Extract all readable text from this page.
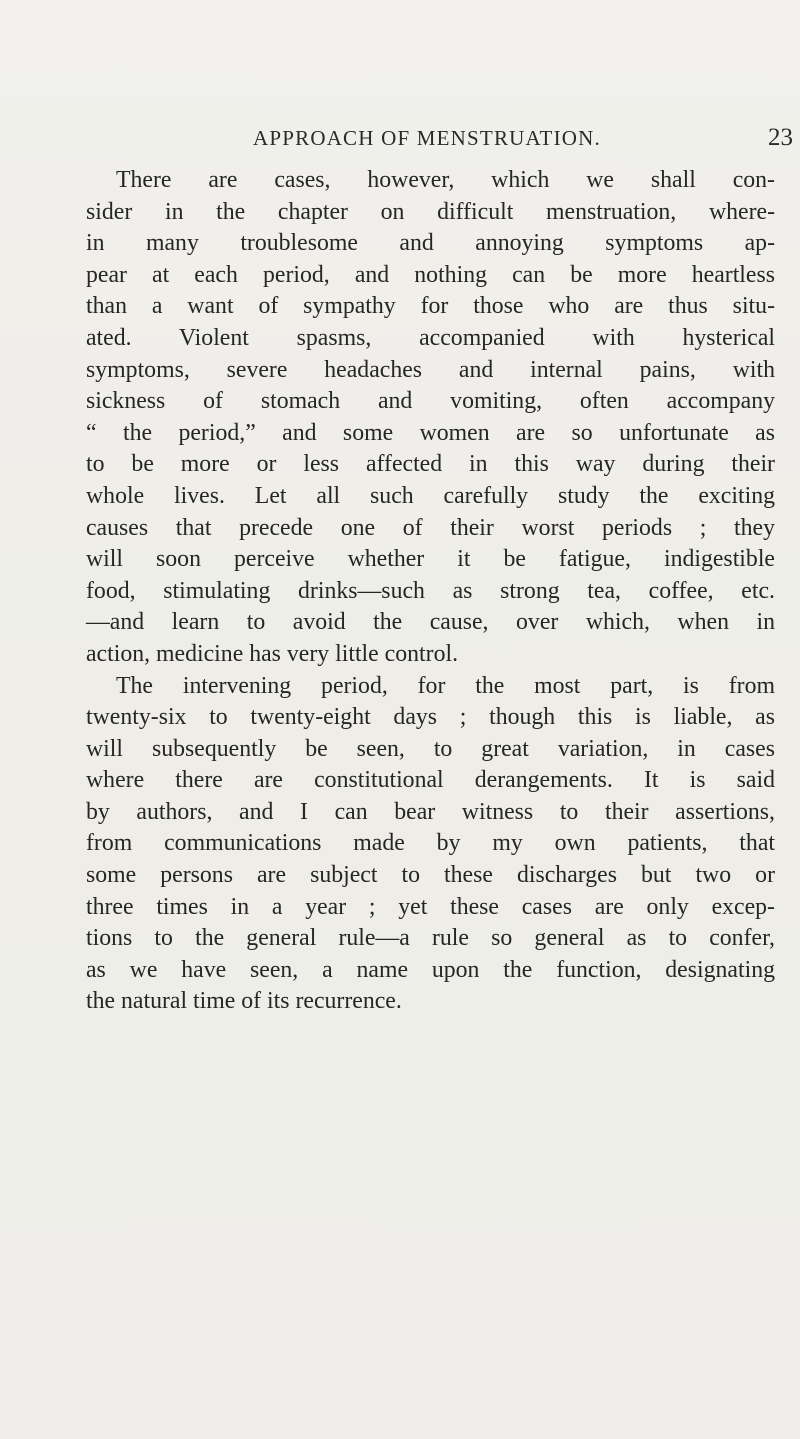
APPROACH OF MENSTRUATION.	23
There are cases, however, which we shall con-
sider in the chapter on difficult menstruation, where-
in many troublesome and annoying symptoms ap-
pear at each period, and nothing can be more heartless
than a want of sympathy for those who are thus situ-
ated. Violent spasms, accompanied with hysterical
symptoms, severe headaches and internal pains, with
sickness of stomach and vomiting, often accompany
“ the period,” and some women are so unfortunate as
to be more or less affected in this way during their
whole lives. Let all such carefully study the exciting
causes that precede one of their worst periods ; they
will soon perceive whether it be fatigue, indigestible
food, stimulating drinks—such as strong tea, coffee, etc.
—and learn to avoid the cause, over which, when in
action, medicine has very little control.
The intervening period, for the most part, is from
twenty-six to twenty-eight days ; though this is liable, as
will subsequently be seen, to great variation, in cases
where there are constitutional derangements. It is said
by authors, and I can bear witness to their assertions,
from communications made by my own patients, that
some persons are subject to these discharges but two or
three times in a year ; yet these cases are only excep-
tions to the general rule—a rule so general as to confer,
as we have seen, a name upon the function, designating
the natural time of its recurrence.
